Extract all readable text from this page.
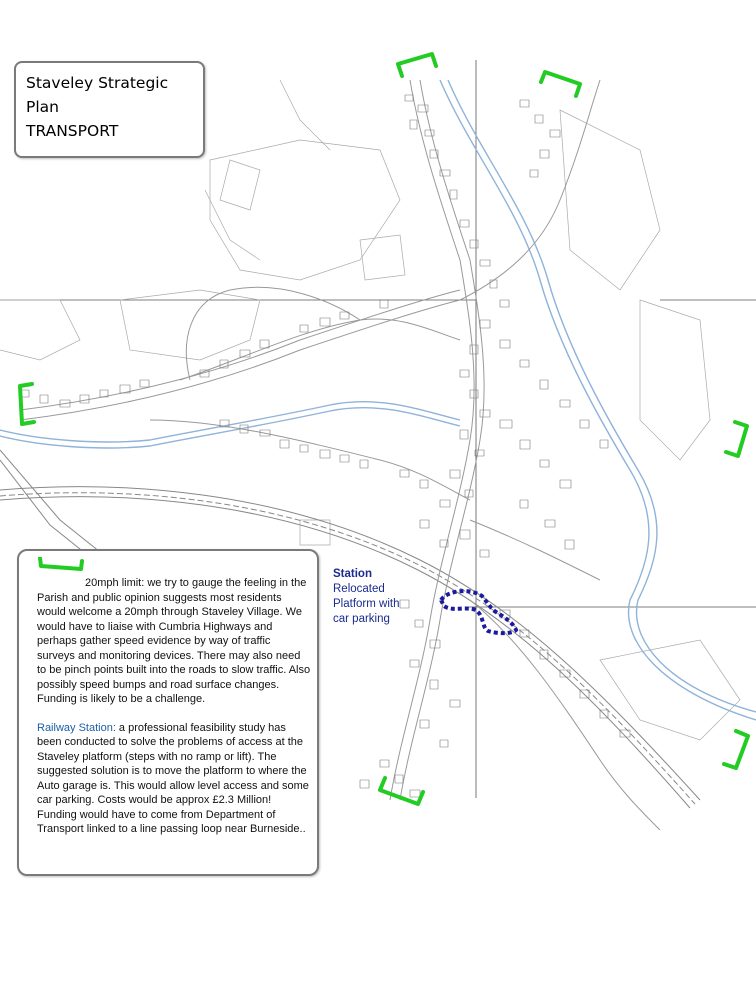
Staveley Strategic
Plan
TRANSPORT
Station
Relocated
Platform with
car parking

20mph limit: we try to gauge the feeling in the Parish and public opinion suggests most residents would welcome a 20mph through Staveley Village. We would have to liaise with Cumbria Highways and perhaps gather speed evidence by way of traffic surveys and monitoring devices. There may also need to be pinch points built into the roads to slow traffic. Also possibly speed bumps and road surface changes. Funding is likely to be a challenge.

Railway Station: a professional feasibility study has been conducted to solve the problems of access at the Staveley platform (steps with no ramp or lift). The suggested solution is to move the platform to where the Auto garage is. This would allow level access and some car parking. Costs would be approx £2.3 Million! Funding would have to come from Department of Transport linked to a line passing loop near Burneside..
